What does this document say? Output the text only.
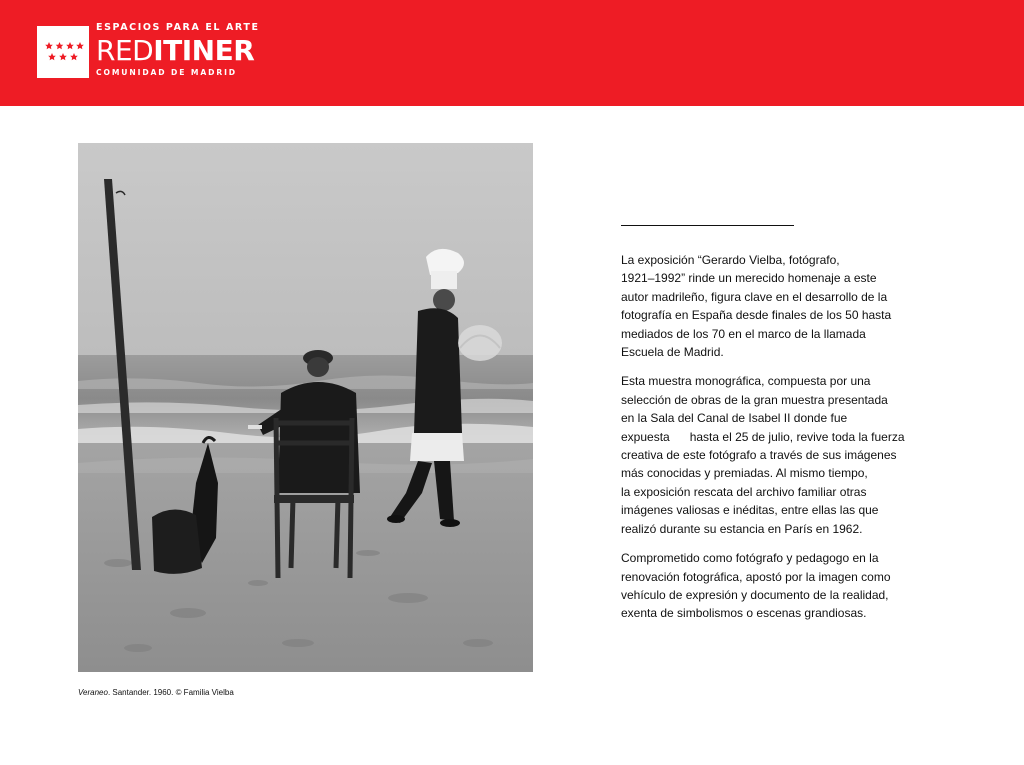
ESPACIOS PARA EL ARTE
REDITINER
COMUNIDAD DE MADRID
Veraneo. Santander. 1960. © Familia Vielba

La exposición “Gerardo Vielba, fotógrafo,
1921–1992” rinde un merecido homenaje a este
autor madrileño, figura clave en el desarrollo de la
fotografía en España desde finales de los 50 hasta
mediados de los 70 en el marco de la llamada
Escuela de Madrid.

Esta muestra monográfica, compuesta por una
selección de obras de la gran muestra presentada
en la Sala del Canal de Isabel II donde fue
expuesta      hasta el 25 de julio, revive toda la fuerza
creativa de este fotógrafo a través de sus imágenes
más conocidas y premiadas. Al mismo tiempo,
la exposición rescata del archivo familiar otras
imágenes valiosas e inéditas, entre ellas las que
realizó durante su estancia en París en 1962.

Comprometido como fotógrafo y pedagogo en la
renovación fotográfica, apostó por la imagen como
vehículo de expresión y documento de la realidad,
exenta de simbolismos o escenas grandiosas.
